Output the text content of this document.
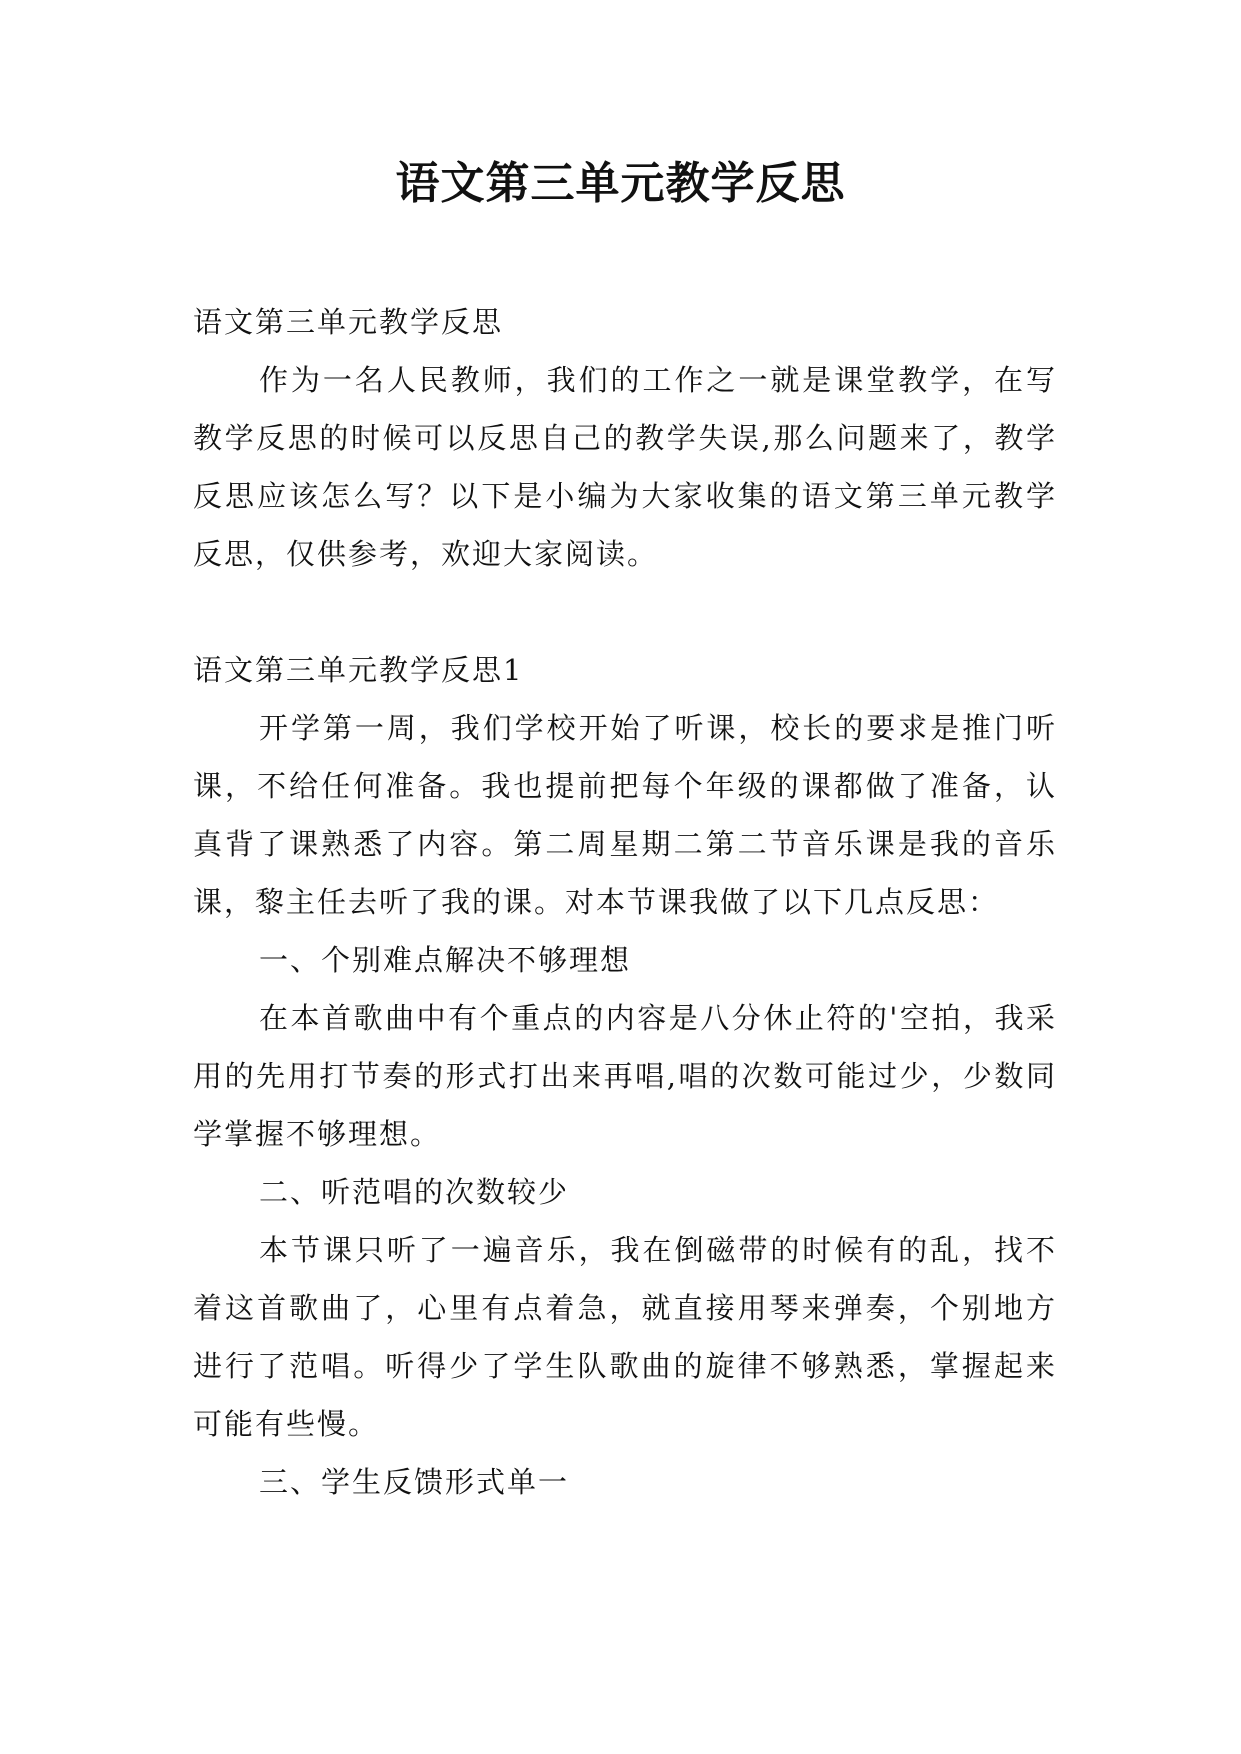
语文第三单元教学反思

语文第三单元教学反思

作为一名人民教师，我们的工作之一就是课堂教学，在写教学反思的时候可以反思自己的教学失误,那么问题来了，教学反思应该怎么写？以下是小编为大家收集的语文第三单元教学反思，仅供参考，欢迎大家阅读。

语文第三单元教学反思1

开学第一周，我们学校开始了听课，校长的要求是推门听课，不给任何准备。我也提前把每个年级的课都做了准备，认真背了课熟悉了内容。第二周星期二第二节音乐课是我的音乐课，黎主任去听了我的课。对本节课我做了以下几点反思：

一、个别难点解决不够理想

在本首歌曲中有个重点的内容是八分休止符的'空拍，我采用的先用打节奏的形式打出来再唱,唱的次数可能过少，少数同学掌握不够理想。

二、听范唱的次数较少

本节课只听了一遍音乐，我在倒磁带的时候有的乱，找不着这首歌曲了，心里有点着急，就直接用琴来弹奏，个别地方进行了范唱。听得少了学生队歌曲的旋律不够熟悉，掌握起来可能有些慢。

三、学生反馈形式单一
